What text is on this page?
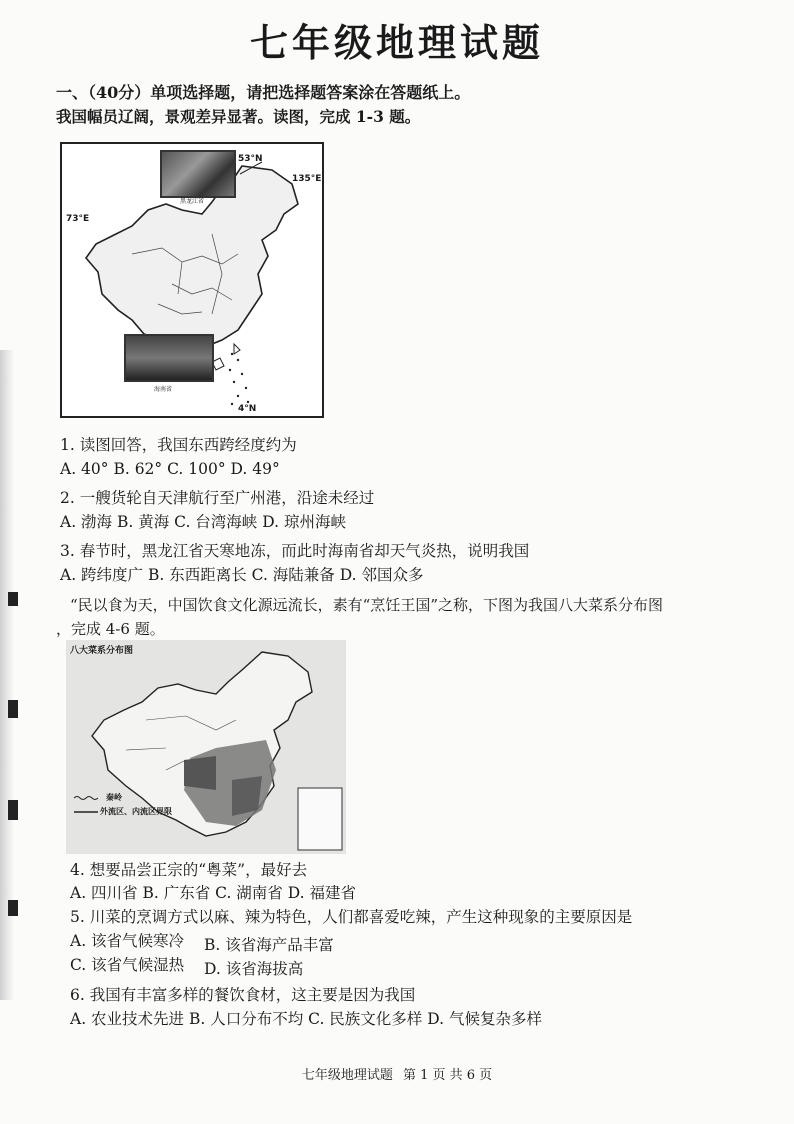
七年级地理试题
一、（40分）单项选择题，请把选择题答案涂在答题纸上。
我国幅员辽阔，景观差异显著。读图，完成 1-3 题。
黑龙江省
海南省
53°N
135°E
73°E
4°N
1. 读图回答，我国东西跨经度约为
A. 40° B. 62° C. 100° D. 49°
2. 一艘货轮自天津航行至广州港，沿途未经过
A. 渤海 B. 黄海 C. 台湾海峡 D. 琼州海峡
3. 春节时，黑龙江省天寒地冻，而此时海南省却天气炎热，说明我国
A. 跨纬度广 B. 东西距离长 C. 海陆兼备 D. 邻国众多
“民以食为天，中国饮食文化源远流长，素有“烹饪王国”之称，下图为我国八大菜系分布图
，完成 4-6 题。
八大菜系分布图
秦岭
外流区、内流区界限
4. 想要品尝正宗的“粤菜”，最好去
A. 四川省 B. 广东省 C. 湖南省 D. 福建省
5. 川菜的烹调方式以麻、辣为特色，人们都喜爱吃辣，产生这种现象的主要原因是
A. 该省气候寒冷 B. 该省海产品丰富
C. 该省气候湿热 D. 该省海拔高
6. 我国有丰富多样的餐饮食材，这主要是因为我国
A. 农业技术先进 B. 人口分布不均 C. 民族文化多样 D. 气候复杂多样
七年级地理试题 第 1 页 共 6 页
